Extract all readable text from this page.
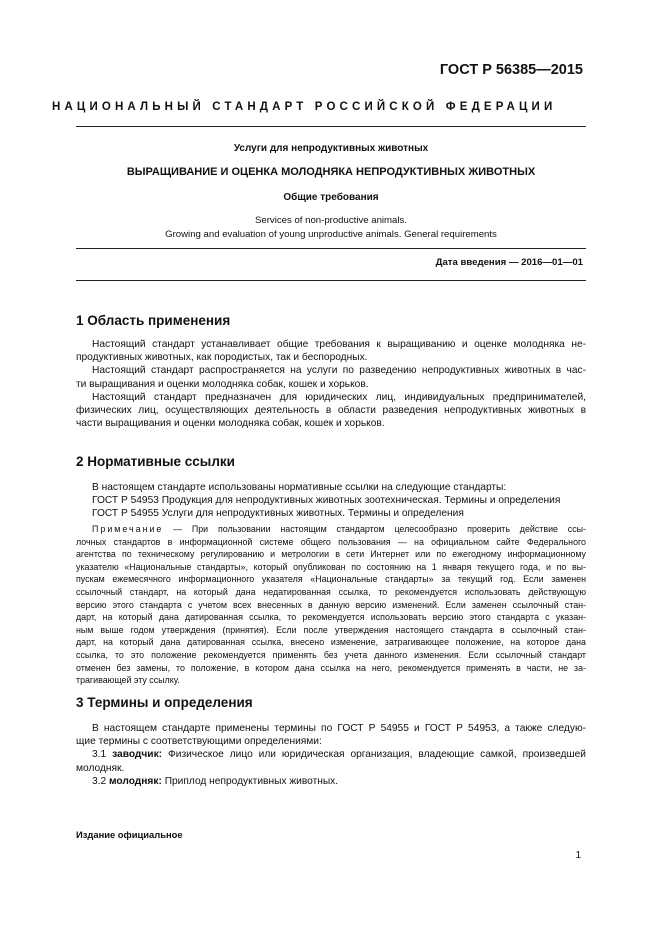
ГОСТ Р 56385—2015
НАЦИОНАЛЬНЫЙ СТАНДАРТ РОССИЙСКОЙ ФЕДЕРАЦИИ
Услуги для непродуктивных животных
ВЫРАЩИВАНИЕ И ОЦЕНКА МОЛОДНЯКА НЕПРОДУКТИВНЫХ ЖИВОТНЫХ
Общие требования
Services of non-productive animals.
Growing and evaluation of young unproductive animals. General requirements
Дата введения — 2016—01—01
1 Область применения

Настоящий стандарт устанавливает общие требования к выращиванию и оценке молодняка не-

продуктивных животных, как породистых, так и беспородных.

Настоящий стандарт распространяется на услуги по разведению непродуктивных животных в час-

ти выращивания и оценки молодняка собак, кошек и хорьков.

Настоящий стандарт предназначен для юридических лиц, индивидуальных предпринимателей,

физических лиц, осуществляющих деятельность в области разведения непродуктивных животных в

части выращивания и оценки молодняка собак, кошек и хорьков.

2 Нормативные ссылки

В настоящем стандарте использованы нормативные ссылки на следующие стандарты:

ГОСТ Р 54953 Продукция для непродуктивных животных зоотехническая. Термины и определения

ГОСТ Р 54955 Услуги для непродуктивных животных. Термины и определения

Примечание — При пользовании настоящим стандартом целесообразно проверить действие ссы-

лочных стандартов в информационной системе общего пользования — на официальном сайте Федерального

агентства по техническому регулированию и метрологии в сети Интернет или по ежегодному информационному

указателю «Национальные стандарты», который опубликован по состоянию на 1 января текущего года, и по вы-

пускам ежемесячного информационного указателя «Национальные стандарты» за текущий год. Если заменен

ссылочный стандарт, на который дана недатированная ссылка, то рекомендуется использовать действующую

версию этого стандарта с учетом всех внесенных в данную версию изменений. Если заменен ссылочный стан-

дарт, на который дана датированная ссылка, то рекомендуется использовать версию этого стандарта с указан-

ным выше годом утверждения (принятия). Если после утверждения настоящего стандарта в ссылочный стан-

дарт, на который дана датированная ссылка, внесено изменение, затрагивающее положение, на которое дана

ссылка, то это положение рекомендуется применять без учета данного изменения. Если ссылочный стандарт

отменен без замены, то положение, в котором дана ссылка на него, рекомендуется применять в части, не за-

трагивающей эту ссылку.

3 Термины и определения

В настоящем стандарте применены термины по ГОСТ Р 54955 и ГОСТ Р 54953, а также следую-

щие термины с соответствующими определениями:

3.1 заводчик: Физическое лицо или юридическая организация, владеющие самкой, произведшей

молодняк.

3.2 молодняк: Приплод непродуктивных животных.

Издание официальное
1
